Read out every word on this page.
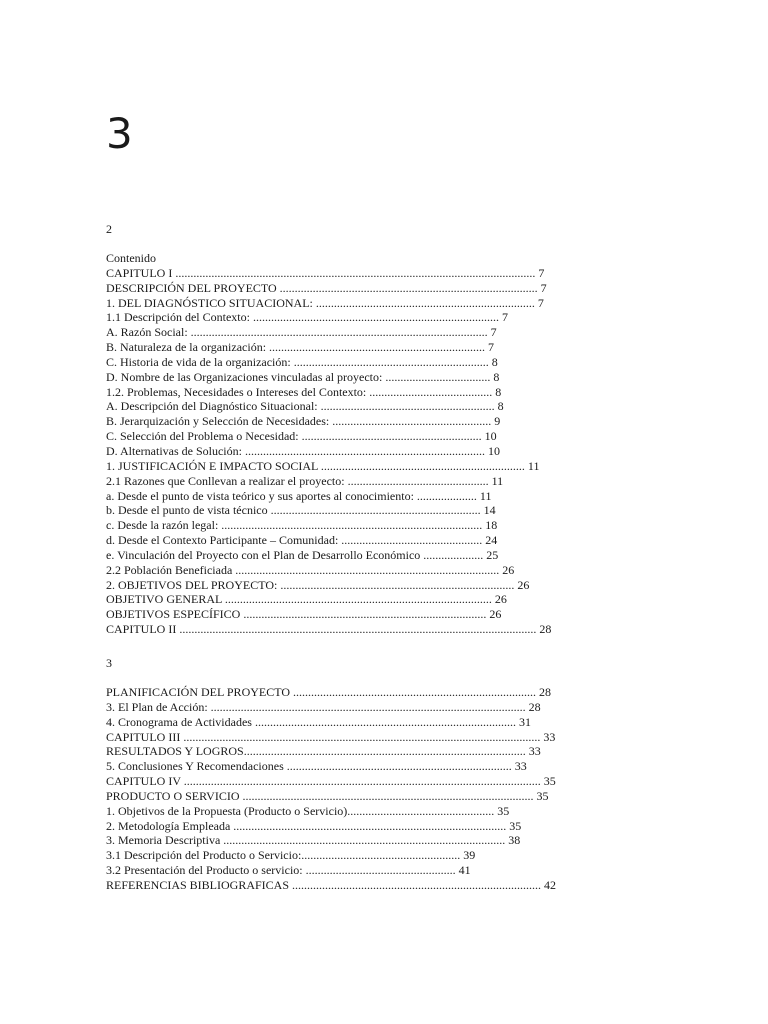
3
2
Contenido
CAPITULO I ........................................................................................................................ 7
DESCRIPCIÓN DEL PROYECTO ...................................................................................... 7
1. DEL DIAGNÓSTICO SITUACIONAL: ......................................................................... 7
1.1 Descripción del Contexto: .................................................................................. 7
A. Razón Social: ................................................................................................... 7
B. Naturaleza de la organización: ........................................................................ 7
C. Historia de vida de la organización: ................................................................. 8
D. Nombre de las Organizaciones vinculadas al proyecto: ................................... 8
1.2. Problemas, Necesidades o Intereses del Contexto: ......................................... 8
A. Descripción del Diagnóstico Situacional: .......................................................... 8
B. Jerarquización y Selección de Necesidades: ..................................................... 9
C. Selección del Problema o Necesidad: ............................................................ 10
D. Alternativas de Solución: ................................................................................ 10
1. JUSTIFICACIÓN E IMPACTO SOCIAL .................................................................... 11
2.1 Razones que Conllevan a realizar el proyecto: ............................................... 11
a. Desde el punto de vista teórico y sus aportes al conocimiento: .................... 11
b. Desde el punto de vista técnico ...................................................................... 14
c. Desde la razón legal: ....................................................................................... 18
d. Desde el Contexto Participante – Comunidad: ............................................... 24
e. Vinculación del Proyecto con el Plan de Desarrollo Económico .................... 25
2.2 Población Beneficiada ........................................................................................ 26
2. OBJETIVOS DEL PROYECTO: .............................................................................. 26
OBJETIVO GENERAL ......................................................................................... 26
OBJETIVOS ESPECÍFICO ................................................................................. 26
CAPITULO II ....................................................................................................................... 28
3
PLANIFICACIÓN DEL PROYECTO ................................................................................. 28
3. El Plan de Acción: ......................................................................................................... 28
4. Cronograma de Actividades ....................................................................................... 31
CAPITULO III ....................................................................................................................... 33
RESULTADOS Y LOGROS.............................................................................................. 33
5. Conclusiones Y Recomendaciones ........................................................................... 33
CAPITULO IV ....................................................................................................................... 35
PRODUCTO O SERVICIO ................................................................................................. 35
1. Objetivos de la Propuesta (Producto o Servicio)................................................. 35
2. Metodología Empleada ........................................................................................... 35
3. Memoria Descriptiva .............................................................................................. 38
3.1 Descripción del Producto o Servicio:..................................................... 39
3.2 Presentación del Producto o servicio: .................................................. 41
REFERENCIAS BIBLIOGRAFICAS ................................................................................... 42
